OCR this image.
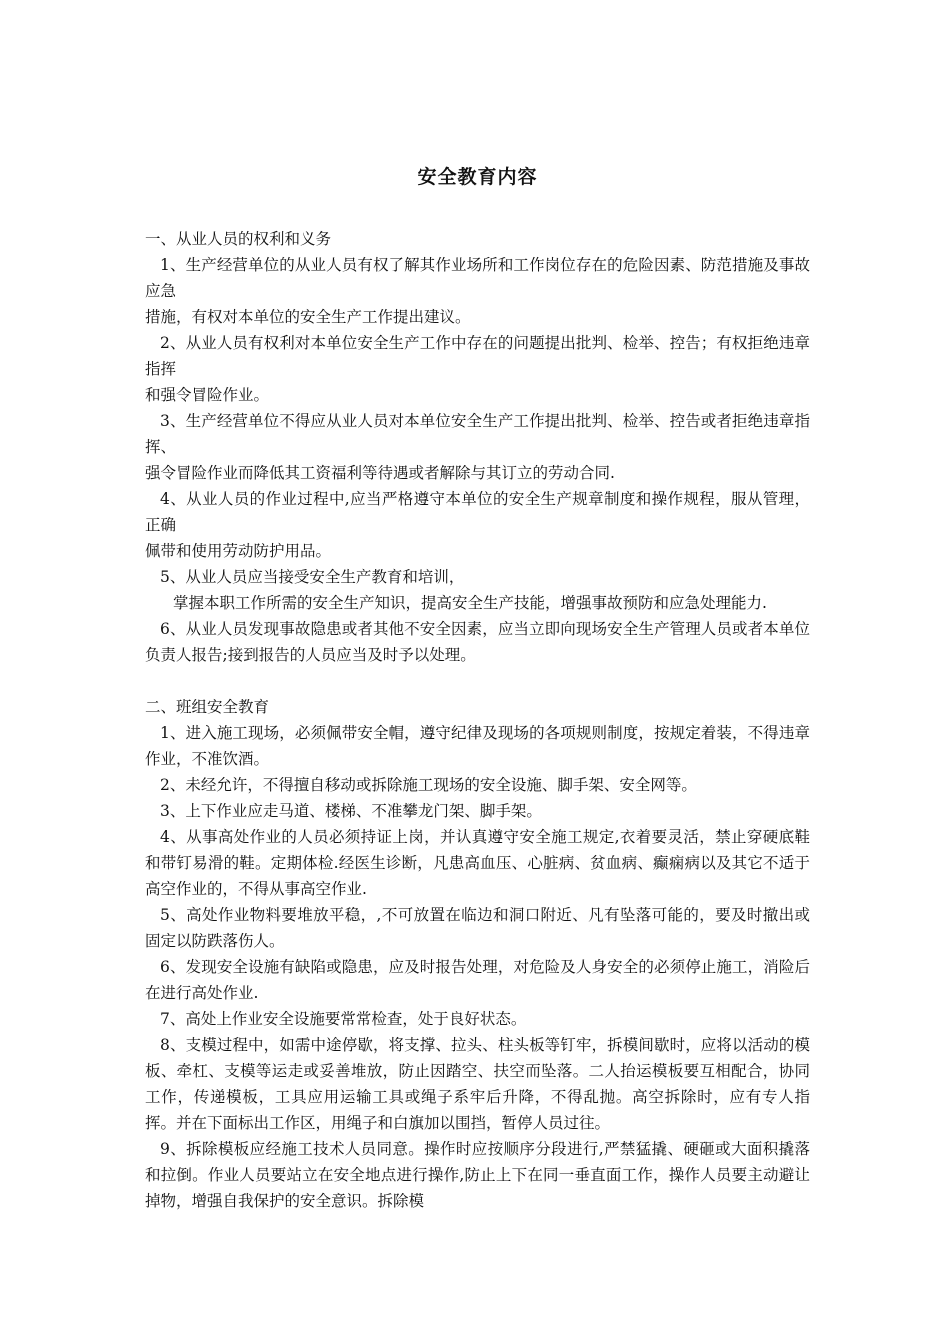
安全教育内容

一、从业人员的权利和义务

1、生产经营单位的从业人员有权了解其作业场所和工作岗位存在的危险因素、防范措施及事故应急

措施，有权对本单位的安全生产工作提出建议。

2、从业人员有权利对本单位安全生产工作中存在的问题提出批判、检举、控告；有权拒绝违章指挥

和强令冒险作业。

3、生产经营单位不得应从业人员对本单位安全生产工作提出批判、检举、控告或者拒绝违章指挥、

强令冒险作业而降低其工资福利等待遇或者解除与其订立的劳动合同.

4、从业人员的作业过程中,应当严格遵守本单位的安全生产规章制度和操作规程，服从管理，正确

佩带和使用劳动防护用品。

5、从业人员应当接受安全生产教育和培训，

掌握本职工作所需的安全生产知识，提高安全生产技能，增强事故预防和应急处理能力.

6、从业人员发现事故隐患或者其他不安全因素，应当立即向现场安全生产管理人员或者本单位负责人报告;接到报告的人员应当及时予以处理。

二、班组安全教育

1、进入施工现场，必须佩带安全帽，遵守纪律及现场的各项规则制度，按规定着装，不得违章作业，不准饮酒。

2、未经允许，不得擅自移动或拆除施工现场的安全设施、脚手架、安全网等。

3、上下作业应走马道、楼梯、不准攀龙门架、脚手架。

4、从事高处作业的人员必须持证上岗，并认真遵守安全施工规定,衣着要灵活，禁止穿硬底鞋和带钉易滑的鞋。定期体检.经医生诊断，凡患高血压、心脏病、贫血病、癫痫病以及其它不适于高空作业的，不得从事高空作业.

5、高处作业物料要堆放平稳，,不可放置在临边和洞口附近、凡有坠落可能的，要及时撤出或固定以防跌落伤人。

6、发现安全设施有缺陷或隐患，应及时报告处理，对危险及人身安全的必须停止施工，消险后在进行高处作业.

7、高处上作业安全设施要常常检查，处于良好状态。

8、支模过程中，如需中途停歇，将支撑、拉头、柱头板等钉牢，拆模间歇时，应将以活动的模板、牵杠、支模等运走或妥善堆放，防止因踏空、扶空而坠落。二人抬运模板要互相配合，协同工作，传递模板，工具应用运输工具或绳子系牢后升降，不得乱抛。高空拆除时，应有专人指挥。并在下面标出工作区，用绳子和白旗加以围挡，暂停人员过往。

9、拆除模板应经施工技术人员同意。操作时应按顺序分段进行,严禁猛撬、硬砸或大面积撬落和拉倒。作业人员要站立在安全地点进行操作,防止上下在同一垂直面工作，操作人员要主动避让掉物，增强自我保护的安全意识。拆除模
